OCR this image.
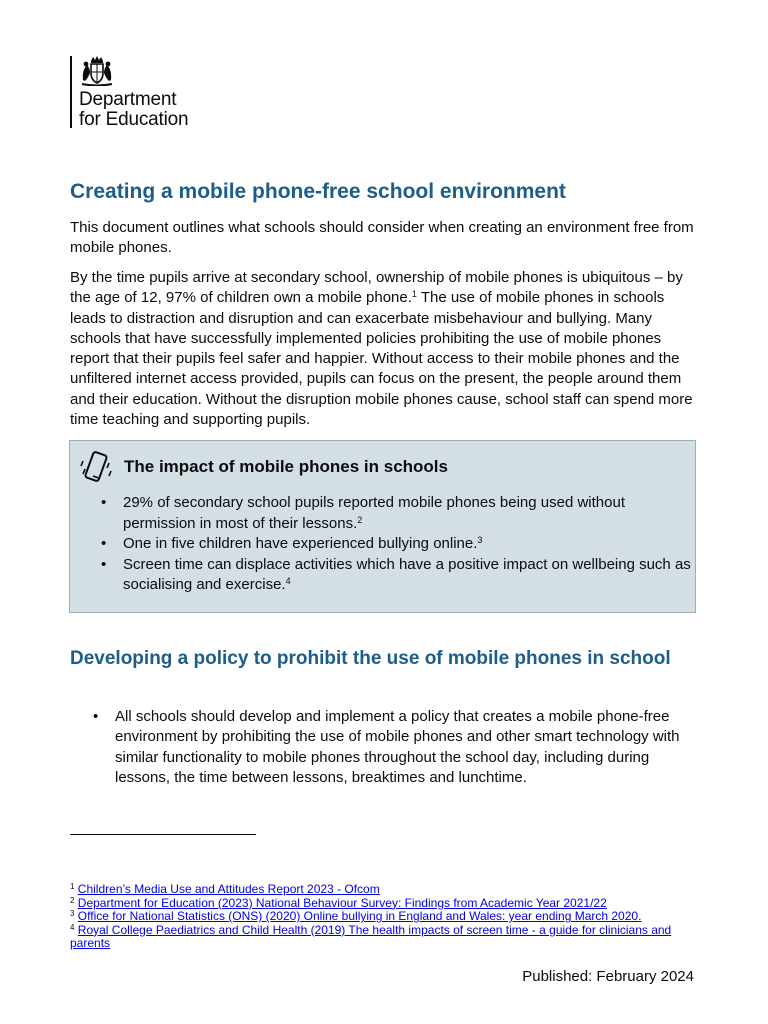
Department
for Education
Creating a mobile phone-free school environment

This document outlines what schools should consider when creating an environment free from mobile phones.

By the time pupils arrive at secondary school, ownership of mobile phones is ubiquitous – by the age of 12, 97% of children own a mobile phone.$^1$ The use of mobile phones in schools leads to distraction and disruption and can exacerbate misbehaviour and bullying. Many schools that have successfully implemented policies prohibiting the use of mobile phones report that their pupils feel safer and happier. Without access to their mobile phones and the unfiltered internet access provided, pupils can focus on the present, the people around them and their education. Without the disruption mobile phones cause, school staff can spend more time teaching and supporting pupils.

The impact of mobile phones in schools
• 29% of secondary school pupils reported mobile phones being used without permission in most of their lessons.$^2$
• One in five children have experienced bullying online.$^3$
• Screen time can displace activities which have a positive impact on wellbeing such as socialising and exercise.$^4$
Developing a policy to prohibit the use of mobile phones in school
• All schools should develop and implement a policy that creates a mobile phone-free environment by prohibiting the use of mobile phones and other smart technology with similar functionality to mobile phones throughout the school day, including during lessons, the time between lessons, breaktimes and lunchtime.
$^1$ Children’s Media Use and Attitudes Report 2023 - Ofcom
$^2$ Department for Education (2023) National Behaviour Survey: Findings from Academic Year 2021/22
$^3$ Office for National Statistics (ONS) (2020) Online bullying in England and Wales: year ending March 2020.
$^4$ Royal College Paediatrics and Child Health (2019) The health impacts of screen time - a guide for clinicians and parents
Published: February 2024
